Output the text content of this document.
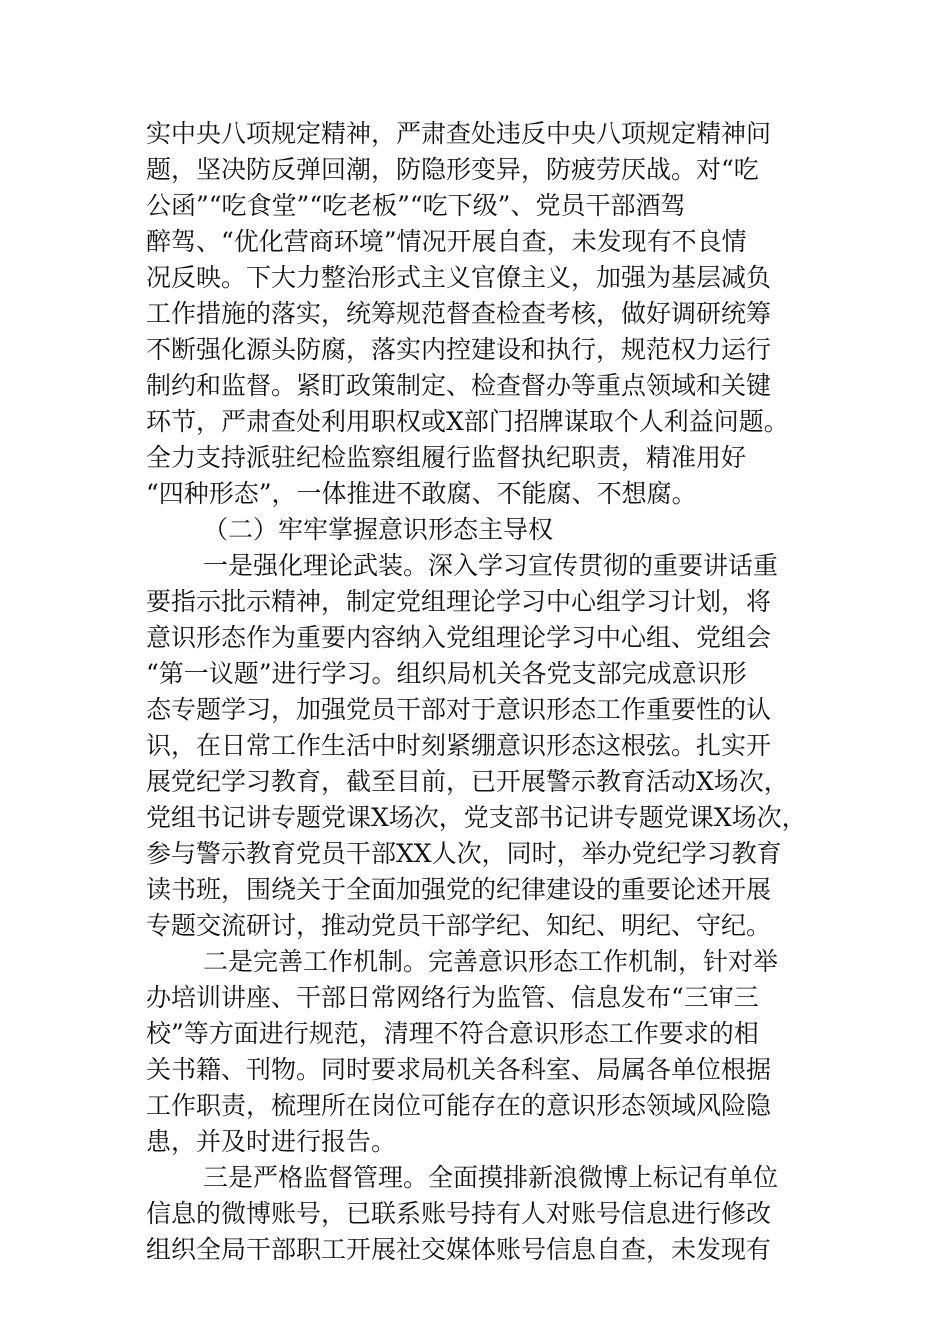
实中央八项规定精神，严肃查处违反中央八项规定精神问
题，坚决防反弹回潮，防隐形变异，防疲劳厌战。对“吃
公函”“吃食堂”“吃老板”“吃下级”、党员干部酒驾
醉驾、“优化营商环境”情况开展自查，未发现有不良情
况反映。下大力整治形式主义官僚主义，加强为基层减负
工作措施的落实，统筹规范督查检查考核，做好调研统筹
不断强化源头防腐，落实内控建设和执行，规范权力运行
制约和监督。紧盯政策制定、检查督办等重点领域和关键
环节，严肃查处利用职权或X部门招牌谋取个人利益问题。
全力支持派驻纪检监察组履行监督执纪职责，精准用好
“四种形态”，一体推进不敢腐、不能腐、不想腐。
（二）牢牢掌握意识形态主导权
一是强化理论武装。深入学习宣传贯彻的重要讲话重
要指示批示精神，制定党组理论学习中心组学习计划，将
意识形态作为重要内容纳入党组理论学习中心组、党组会
“第一议题”进行学习。组织局机关各党支部完成意识形
态专题学习，加强党员干部对于意识形态工作重要性的认
识，在日常工作生活中时刻紧绷意识形态这根弦。扎实开
展党纪学习教育，截至目前，已开展警示教育活动X场次，
党组书记讲专题党课X场次，党支部书记讲专题党课X场次，
参与警示教育党员干部XX人次，同时，举办党纪学习教育
读书班，围绕关于全面加强党的纪律建设的重要论述开展
专题交流研讨，推动党员干部学纪、知纪、明纪、守纪。
二是完善工作机制。完善意识形态工作机制，针对举
办培训讲座、干部日常网络行为监管、信息发布“三审三
校”等方面进行规范，清理不符合意识形态工作要求的相
关书籍、刊物。同时要求局机关各科室、局属各单位根据
工作职责，梳理所在岗位可能存在的意识形态领域风险隐
患，并及时进行报告。
三是严格监督管理。全面摸排新浪微博上标记有单位
信息的微博账号，已联系账号持有人对账号信息进行修改
组织全局干部职工开展社交媒体账号信息自查，未发现有
